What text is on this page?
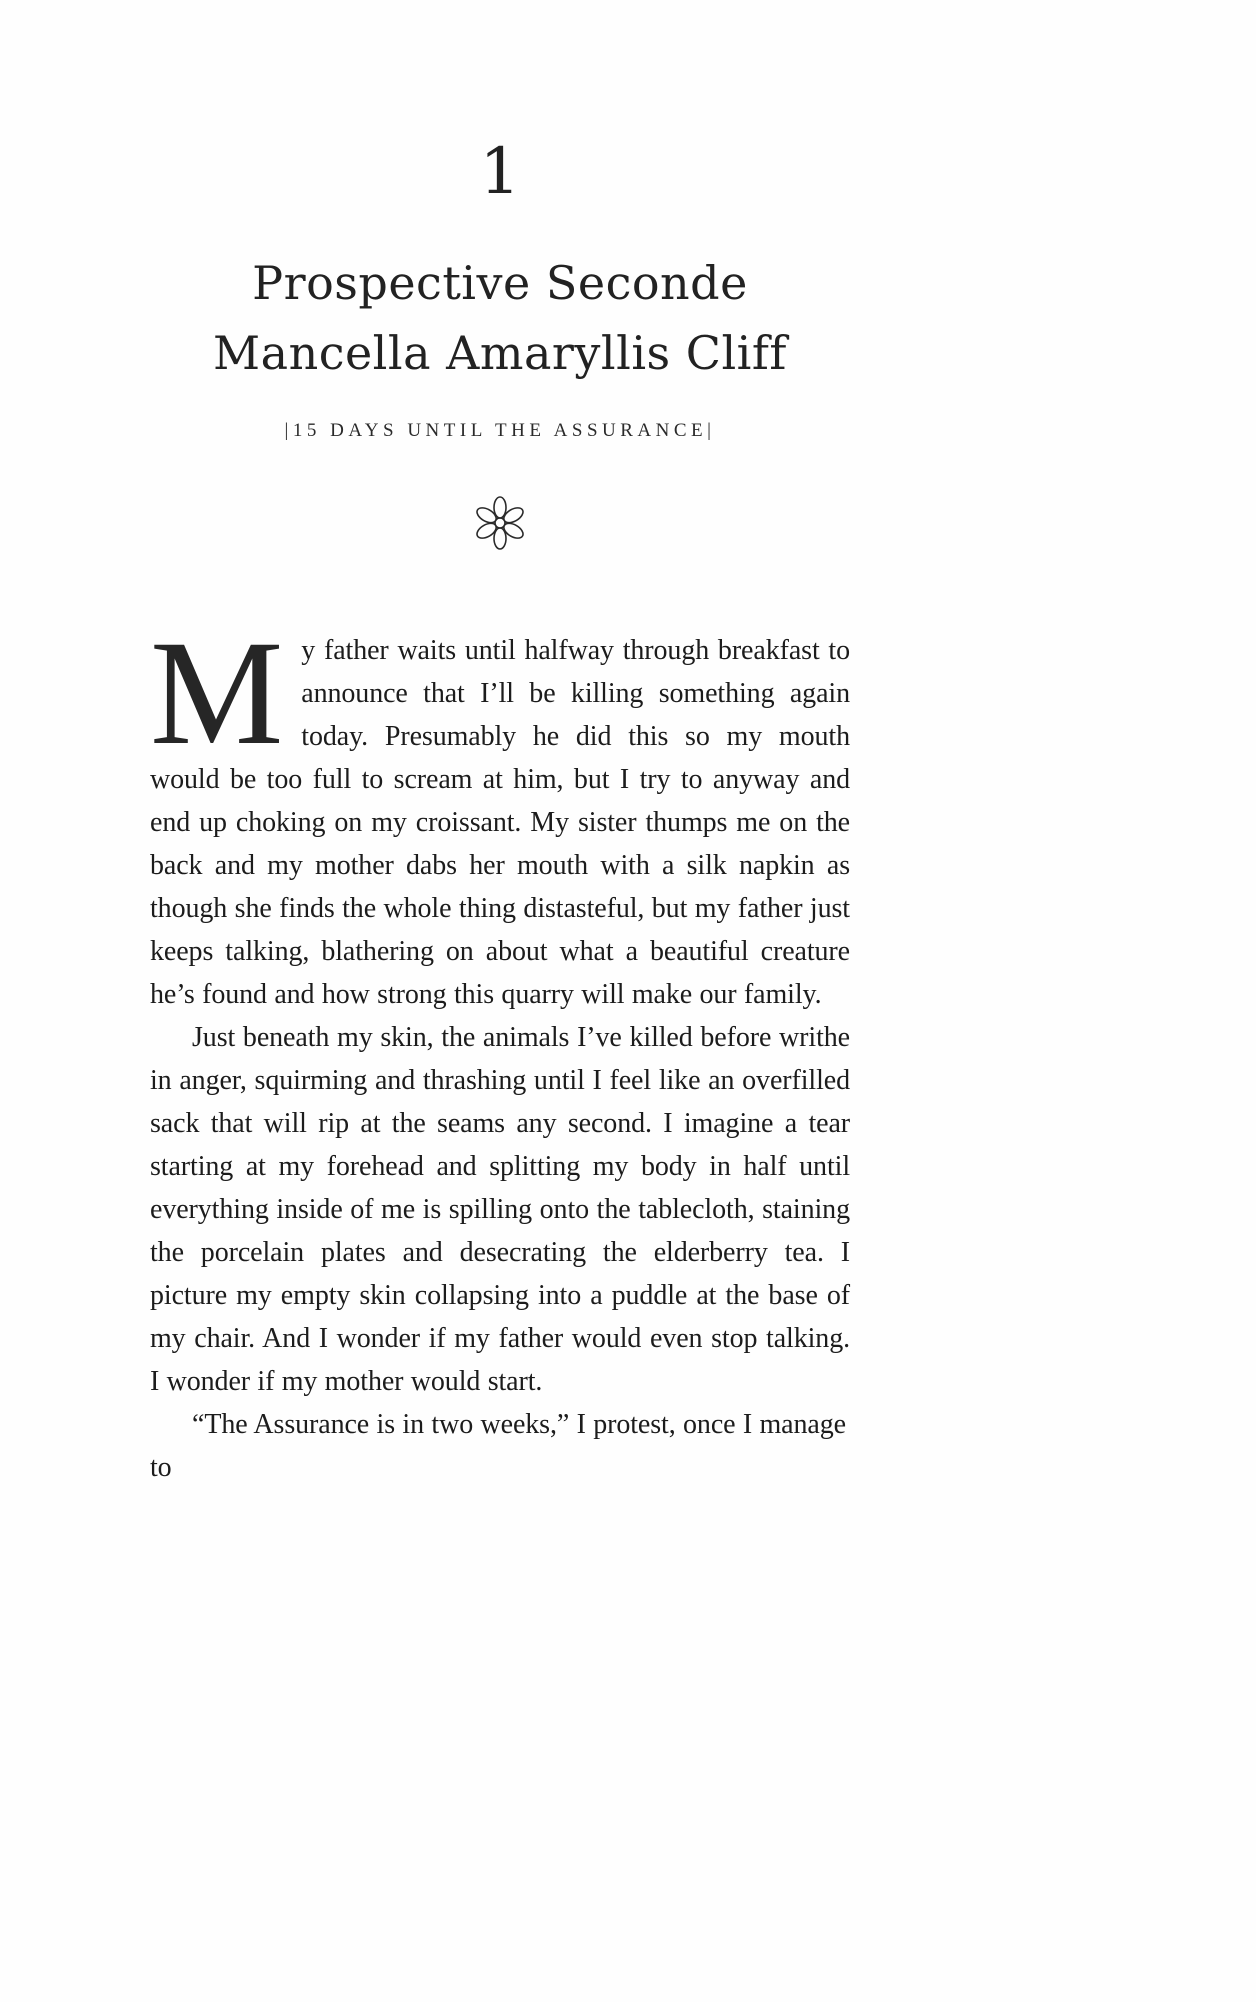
1
Prospective Seconde
Mancella Amaryllis Cliff
|15 DAYS UNTIL THE ASSURANCE|

My father waits until halfway through breakfast to announce that I’ll be killing something again today. Presumably he did this so my mouth would be too full to scream at him, but I try to anyway and end up choking on my croissant. My sister thumps me on the back and my mother dabs her mouth with a silk napkin as though she finds the whole thing distasteful, but my father just keeps talking, blathering on about what a beautiful creature he’s found and how strong this quarry will make our family.

Just beneath my skin, the animals I’ve killed before writhe in anger, squirming and thrashing until I feel like an overfilled sack that will rip at the seams any second. I imagine a tear starting at my forehead and splitting my body in half until everything inside of me is spilling onto the tablecloth, staining the porcelain plates and desecrating the elderberry tea. I picture my empty skin collapsing into a puddle at the base of my chair. And I wonder if my father would even stop talking. I wonder if my mother would start.

“The Assurance is in two weeks,” I protest, once I manage to
